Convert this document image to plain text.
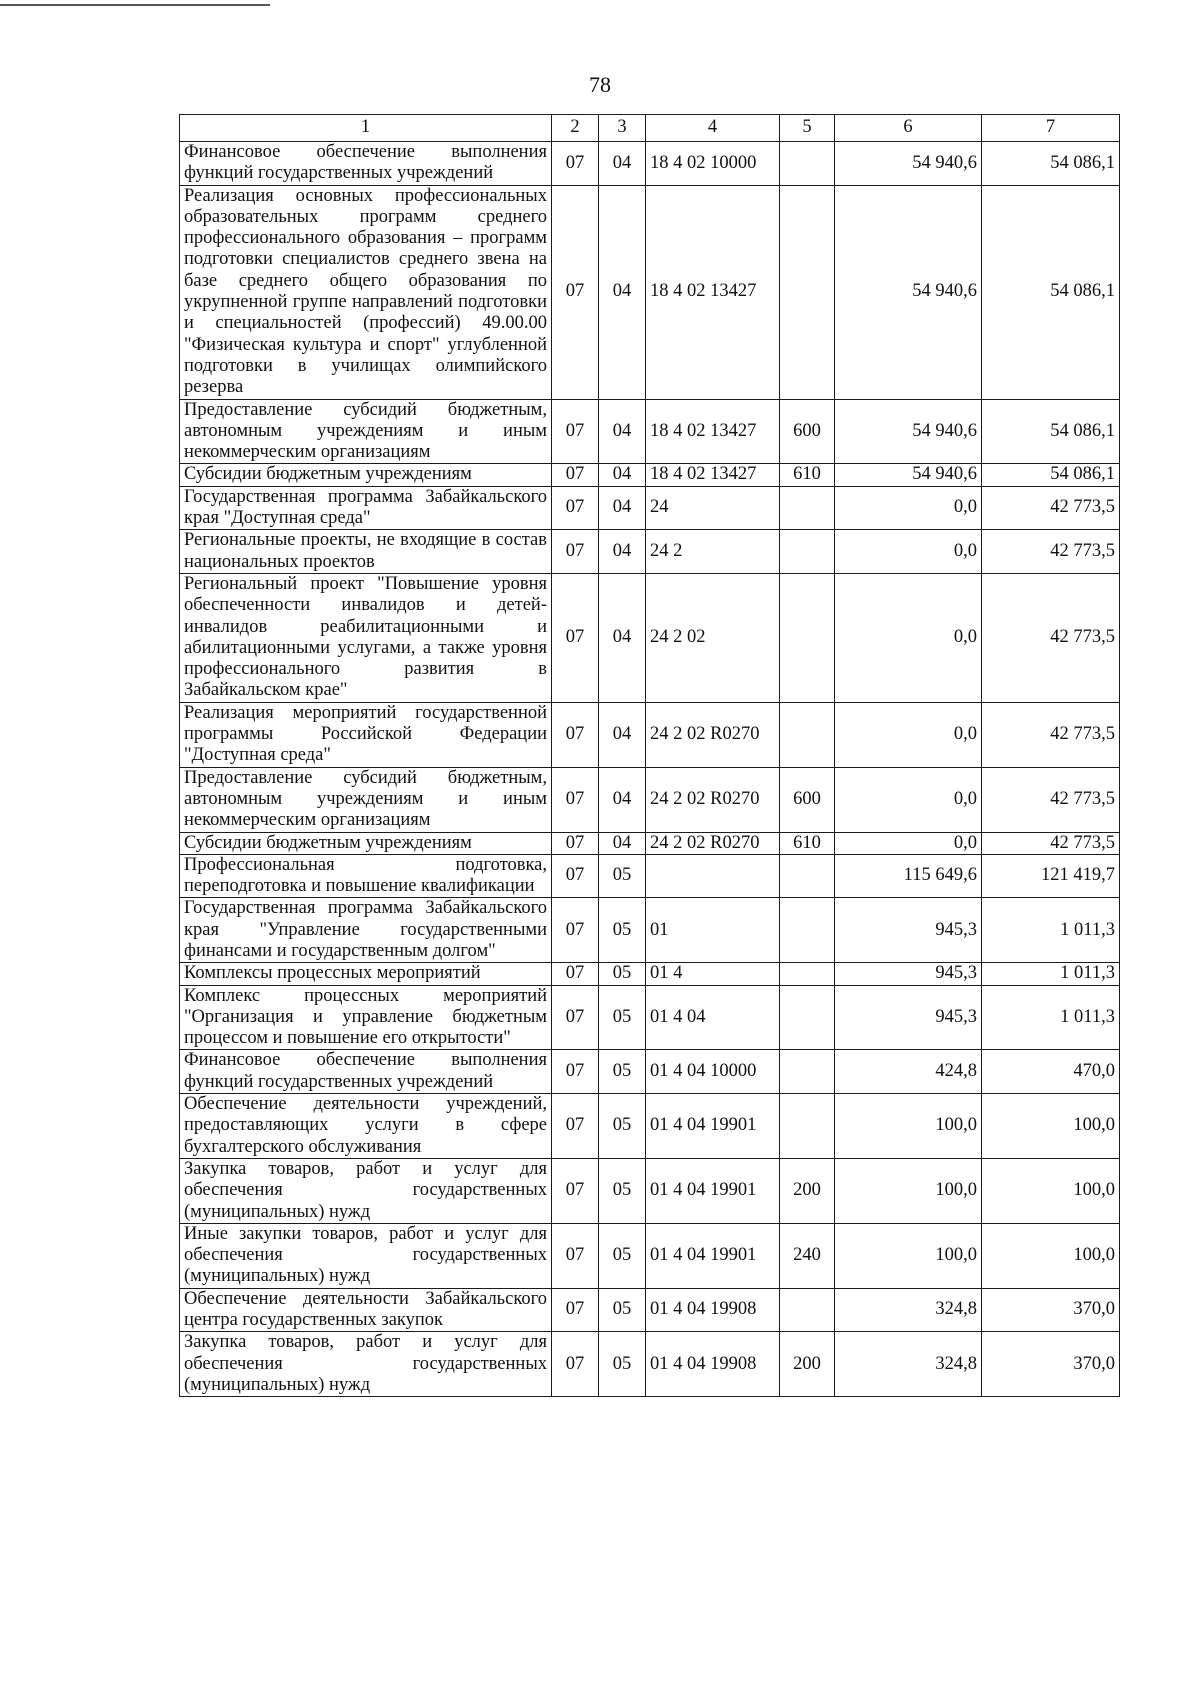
78
1	2	3	4	5	6	7
Финансовое обеспечение выполнения функций государственных учреждений	07	04	18 4 02 10000		54 940,6	54 086,1
Реализация основных профессиональных образовательных программ среднего профессионального образования – программ подготовки специалистов среднего звена на базе среднего общего образования по укрупненной группе направлений подготовки и специальностей (профессий) 49.00.00 "Физическая культура и спорт" углубленной подготовки в училищах олимпийского резерва	07	04	18 4 02 13427		54 940,6	54 086,1
Предоставление субсидий бюджетным, автономным учреждениям и иным некоммерческим организациям	07	04	18 4 02 13427	600	54 940,6	54 086,1
Субсидии бюджетным учреждениям	07	04	18 4 02 13427	610	54 940,6	54 086,1
Государственная программа Забайкальского края "Доступная среда"	07	04	24		0,0	42 773,5
Региональные проекты, не входящие в состав национальных проектов	07	04	24 2		0,0	42 773,5
Региональный проект "Повышение уровня обеспеченности инвалидов и детей-инвалидов реабилитационными и абилитационными услугами, а также уровня профессионального развития в Забайкальском крае"	07	04	24 2 02		0,0	42 773,5
Реализация мероприятий государственной программы Российской Федерации "Доступная среда"	07	04	24 2 02 R0270		0,0	42 773,5
Предоставление субсидий бюджетным, автономным учреждениям и иным некоммерческим организациям	07	04	24 2 02 R0270	600	0,0	42 773,5
Субсидии бюджетным учреждениям	07	04	24 2 02 R0270	610	0,0	42 773,5
Профессиональная подготовка, переподготовка и повышение квалификации	07	05			115 649,6	121 419,7
Государственная программа Забайкальского края "Управление государственными финансами и государственным долгом"	07	05	01		945,3	1 011,3
Комплексы процессных мероприятий	07	05	01 4		945,3	1 011,3
Комплекс процессных мероприятий "Организация и управление бюджетным процессом и повышение его открытости"	07	05	01 4 04		945,3	1 011,3
Финансовое обеспечение выполнения функций государственных учреждений	07	05	01 4 04 10000		424,8	470,0
Обеспечение деятельности учреждений, предоставляющих услуги в сфере бухгалтерского обслуживания	07	05	01 4 04 19901		100,0	100,0
Закупка товаров, работ и услуг для обеспечения государственных (муниципальных) нужд	07	05	01 4 04 19901	200	100,0	100,0
Иные закупки товаров, работ и услуг для обеспечения государственных (муниципальных) нужд	07	05	01 4 04 19901	240	100,0	100,0
Обеспечение деятельности Забайкальского центра государственных закупок	07	05	01 4 04 19908		324,8	370,0
Закупка товаров, работ и услуг для обеспечения государственных (муниципальных) нужд	07	05	01 4 04 19908	200	324,8	370,0
